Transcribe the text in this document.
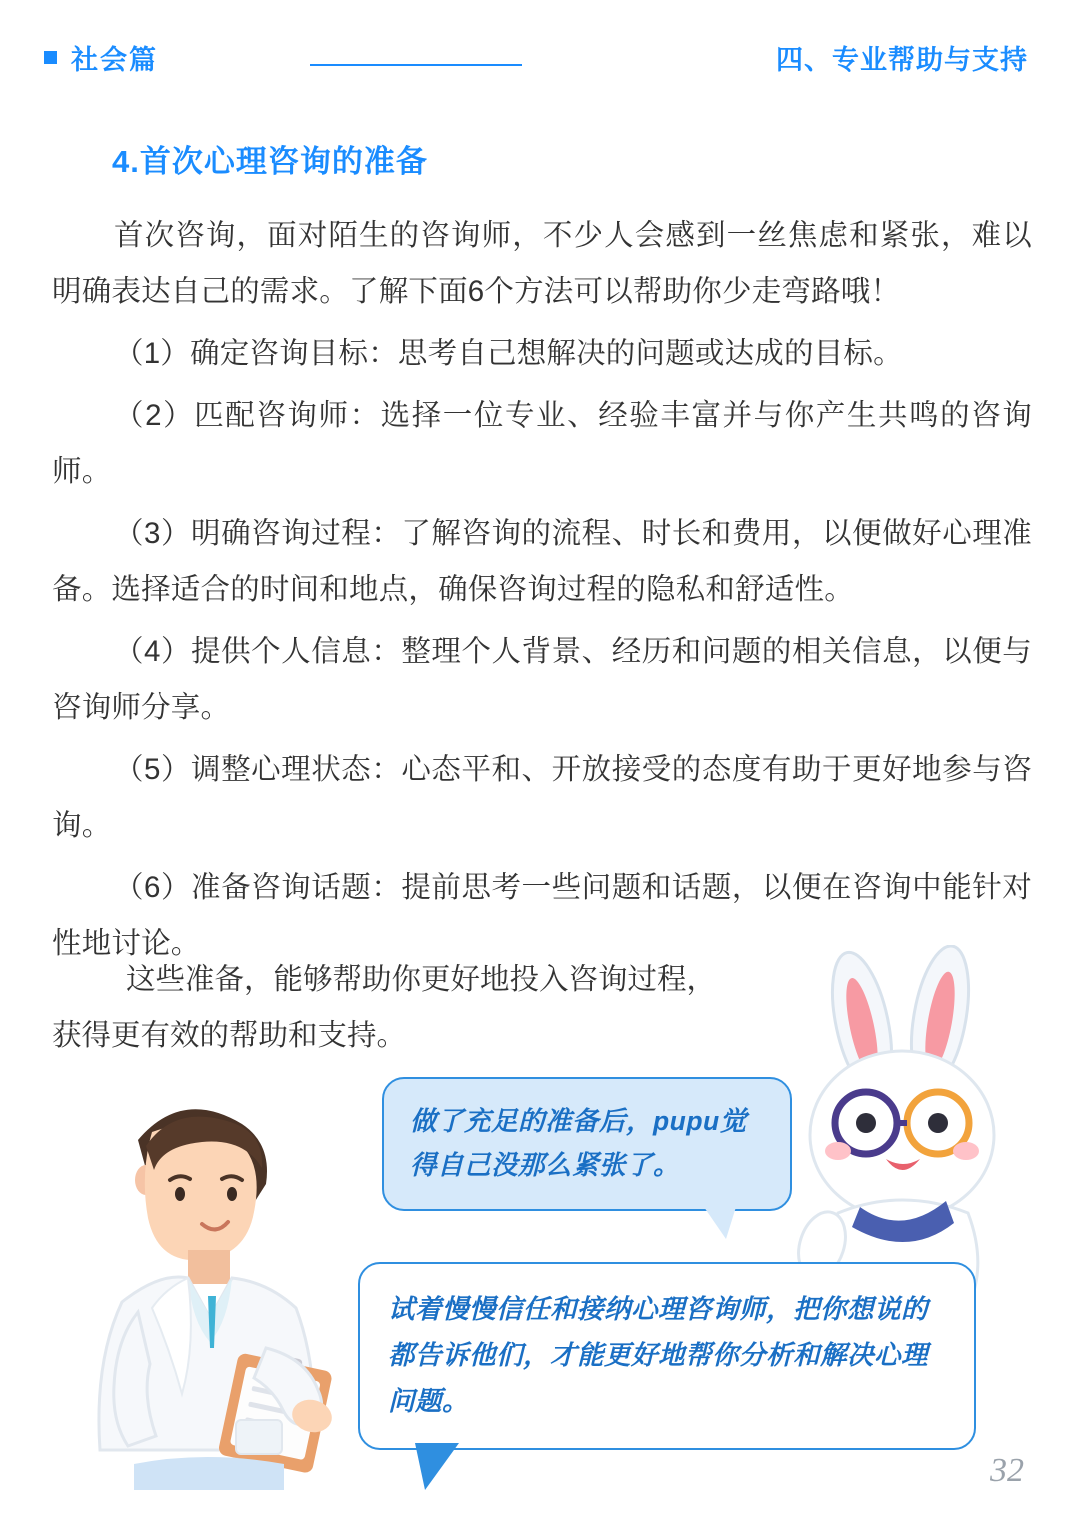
社会篇	四、专业帮助与支持
4.首次心理咨询的准备

首次咨询，面对陌生的咨询师，不少人会感到一丝焦虑和紧张，难以明确表达自己的需求。了解下面6个方法可以帮助你少走弯路哦！

（1）确定咨询目标：思考自己想解决的问题或达成的目标。

（2）匹配咨询师：选择一位专业、经验丰富并与你产生共鸣的咨询师。

（3）明确咨询过程：了解咨询的流程、时长和费用，以便做好心理准备。选择适合的时间和地点，确保咨询过程的隐私和舒适性。

（4）提供个人信息：整理个人背景、经历和问题的相关信息，以便与咨询师分享。

（5）调整心理状态：心态平和、开放接受的态度有助于更好地参与咨询。

（6）准备咨询话题：提前思考一些问题和话题，以便在咨询中能针对性地讨论。

这些准备，能够帮助你更好地投入咨询过程，
获得更有效的帮助和支持。
做了充足的准备后，pupu觉得自己没那么紧张了。
试着慢慢信任和接纳心理咨询师，把你想说的都告诉他们，才能更好地帮你分析和解决心理问题。
32
